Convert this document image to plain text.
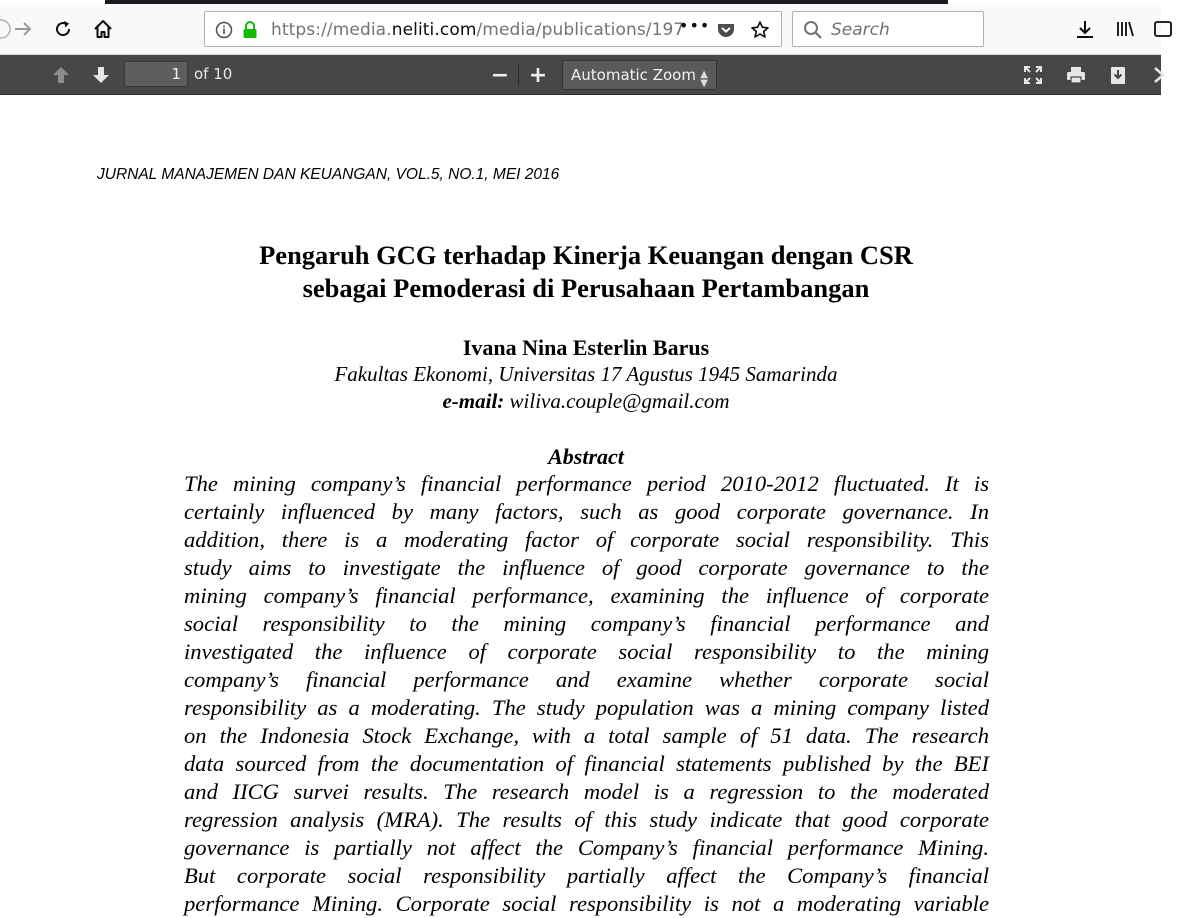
https://media.neliti.com/media/publications/197
•••	Search
1 of 10	− +	Automatic Zoom ▲

▼
JURNAL MANAJEMEN DAN KEUANGAN, VOL.5, NO.1, MEI 2016
Pengaruh GCG terhadap Kinerja Keuangan dengan CSR
sebagai Pemoderasi di Perusahaan Pertambangan
Ivana Nina Esterlin Barus
Fakultas Ekonomi, Universitas 17 Agustus 1945 Samarinda
e-mail: wiliva.couple@gmail.com
Abstract
The mining company’s financial performance period 2010-2012 fluctuated. It is
certainly influenced by many factors, such as good corporate governance. In
addition, there is a moderating factor of corporate social responsibility. This
study aims to investigate the influence of good corporate governance to the
mining company’s financial performance, examining the influence of corporate
social responsibility to the mining company’s financial performance and
investigated the influence of corporate social responsibility to the mining
company’s financial performance and examine whether corporate social
responsibility as a moderating. The study population was a mining company listed
on the Indonesia Stock Exchange, with a total sample of 51 data. The research
data sourced from the documentation of financial statements published by the BEI
and IICG survei results. The research model is a regression to the moderated
regression analysis (MRA). The results of this study indicate that good corporate
governance is partially not affect the Company’s financial performance Mining.
But corporate social responsibility partially affect the Company’s financial
performance Mining. Corporate social responsibility is not a moderating variable
